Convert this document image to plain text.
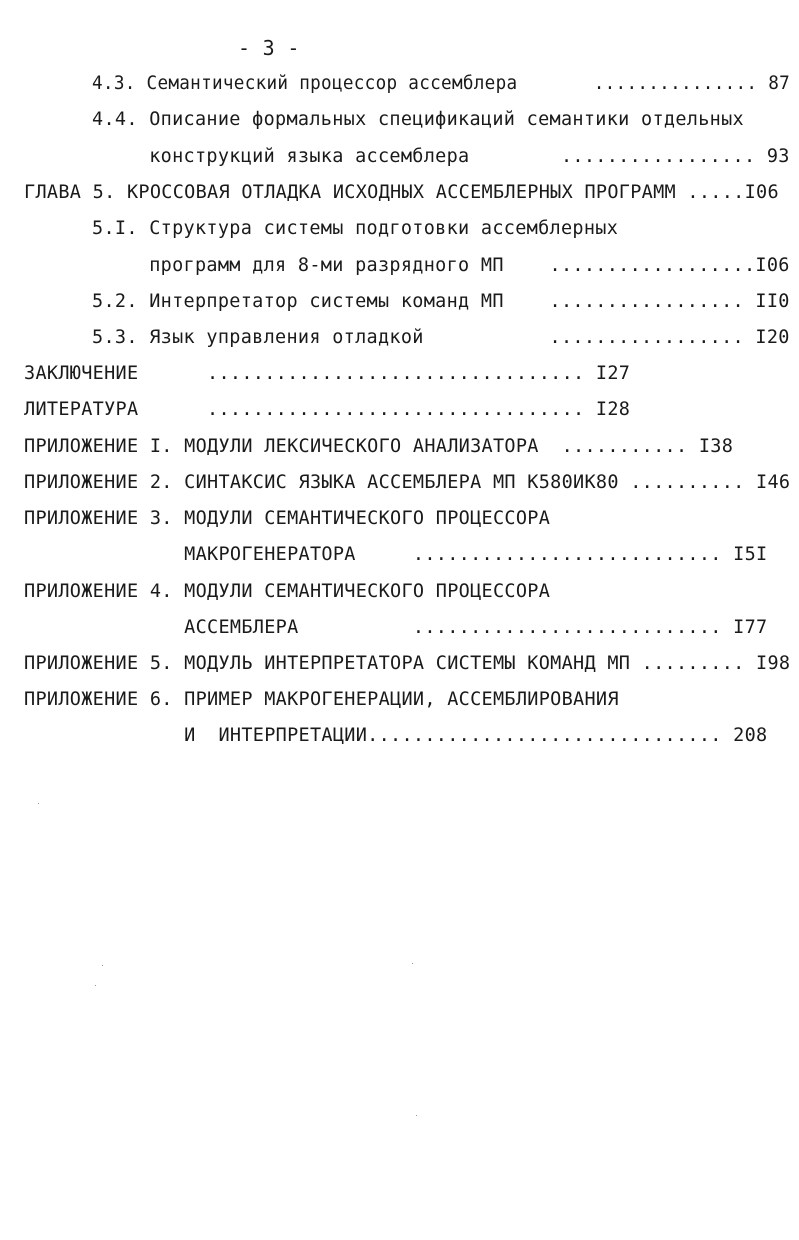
- 3 -
4.3. Семантический процессор ассемблера       ............... 87
4.4. Описание формальных спецификаций семантики отдельных
конструкций языка ассемблера        ................. 93
ГЛАВА 5. КРОССОВАЯ ОТЛАДКА ИСХОДНЫХ АССЕМБЛЕРНЫХ ПРОГРАММ .....I06
5.I. Структура системы подготовки ассемблерных
программ для 8-ми разрядного МП    ..................I06
5.2. Интерпретатор системы команд МП    ................. II0
5.3. Язык управления отладкой           ................. I20
ЗАКЛЮЧЕНИЕ      ................................. I27
ЛИТЕРАТУРА      ................................. I28
ПРИЛОЖЕНИЕ I. МОДУЛИ ЛЕКСИЧЕСКОГО АНАЛИЗАТОРА  ........... I38
ПРИЛОЖЕНИЕ 2. СИНТАКСИС ЯЗЫКА АССЕМБЛЕРА МП К580ИК80 .......... I46
ПРИЛОЖЕНИЕ 3. МОДУЛИ СЕМАНТИЧЕСКОГО ПРОЦЕССОРА
МАКРОГЕНЕРАТОРА     ........................... I5I
ПРИЛОЖЕНИЕ 4. МОДУЛИ СЕМАНТИЧЕСКОГО ПРОЦЕССОРА
АССЕМБЛЕРА          ........................... I77
ПРИЛОЖЕНИЕ 5. МОДУЛЬ ИНТЕРПРЕТАТОРА СИСТЕМЫ КОМАНД МП ......... I98
ПРИЛОЖЕНИЕ 6. ПРИМЕР МАКРОГЕНЕРАЦИИ, АССЕМБЛИРОВАНИЯ
И  ИНТЕРПРЕТАЦИИ............................... 208
